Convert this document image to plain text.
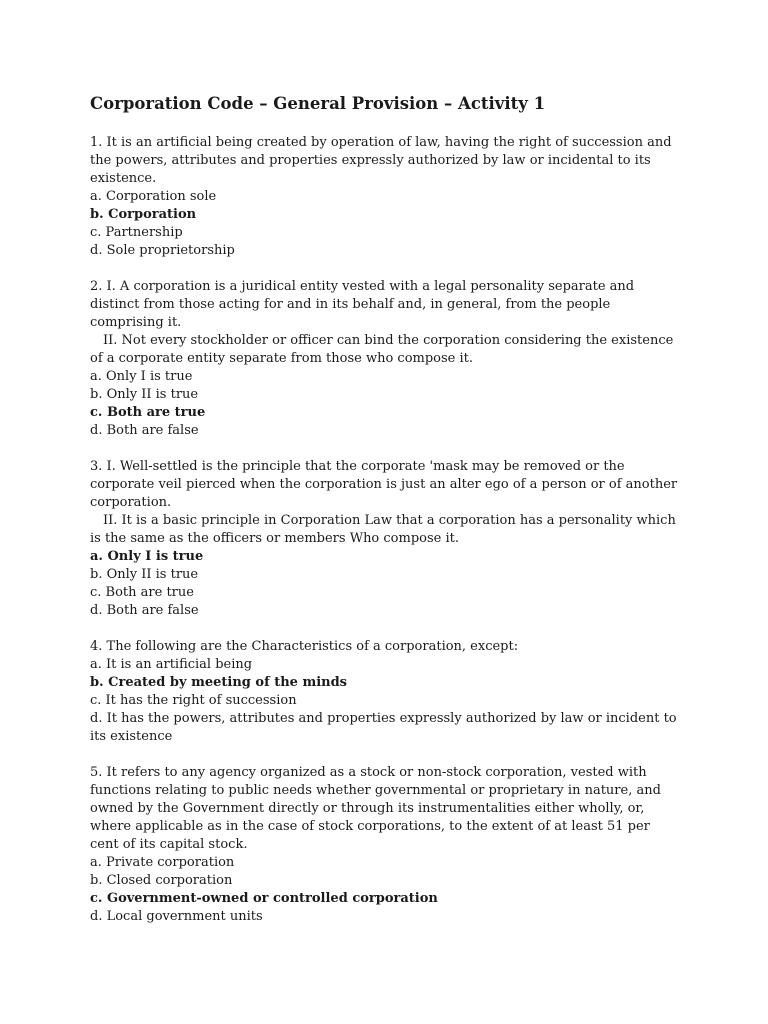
Corporation Code – General Provision – Activity 1

1. It is an artificial being created by operation of law, having the right of succession and the powers, attributes and properties expressly authorized by law or incidental to its existence.

a. Corporation sole

b. Corporation

c. Partnership

d. Sole proprietorship

2. I. A corporation is a juridical entity vested with a legal personality separate and distinct from those acting for and in its behalf and, in general, from the people comprising it.

II. Not every stockholder or officer can bind the corporation considering the existence of a corporate entity separate from those who compose it.

a. Only I is true

b. Only II is true

c. Both are true

d. Both are false

3. I. Well-settled is the principle that the corporate 'mask may be removed or the corporate veil pierced when the corporation is just an alter ego of a person or of another corporation.

II. It is a basic principle in Corporation Law that a corporation has a personality which is the same as the officers or members Who compose it.

a. Only I is true

b. Only II is true

c. Both are true

d. Both are false

4. The following are the Characteristics of a corporation, except:

a. It is an artificial being

b. Created by meeting of the minds

c. It has the right of succession

d. It has the powers, attributes and properties expressly authorized by law or incident to its existence

5. It refers to any agency organized as a stock or non-stock corporation, vested with functions relating to public needs whether governmental or proprietary in nature, and owned by the Government directly or through its instrumentalities either wholly, or, where applicable as in the case of stock corporations, to the extent of at least 51 per cent of its capital stock.

a. Private corporation

b. Closed corporation

c. Government-owned or controlled corporation

d. Local government units
